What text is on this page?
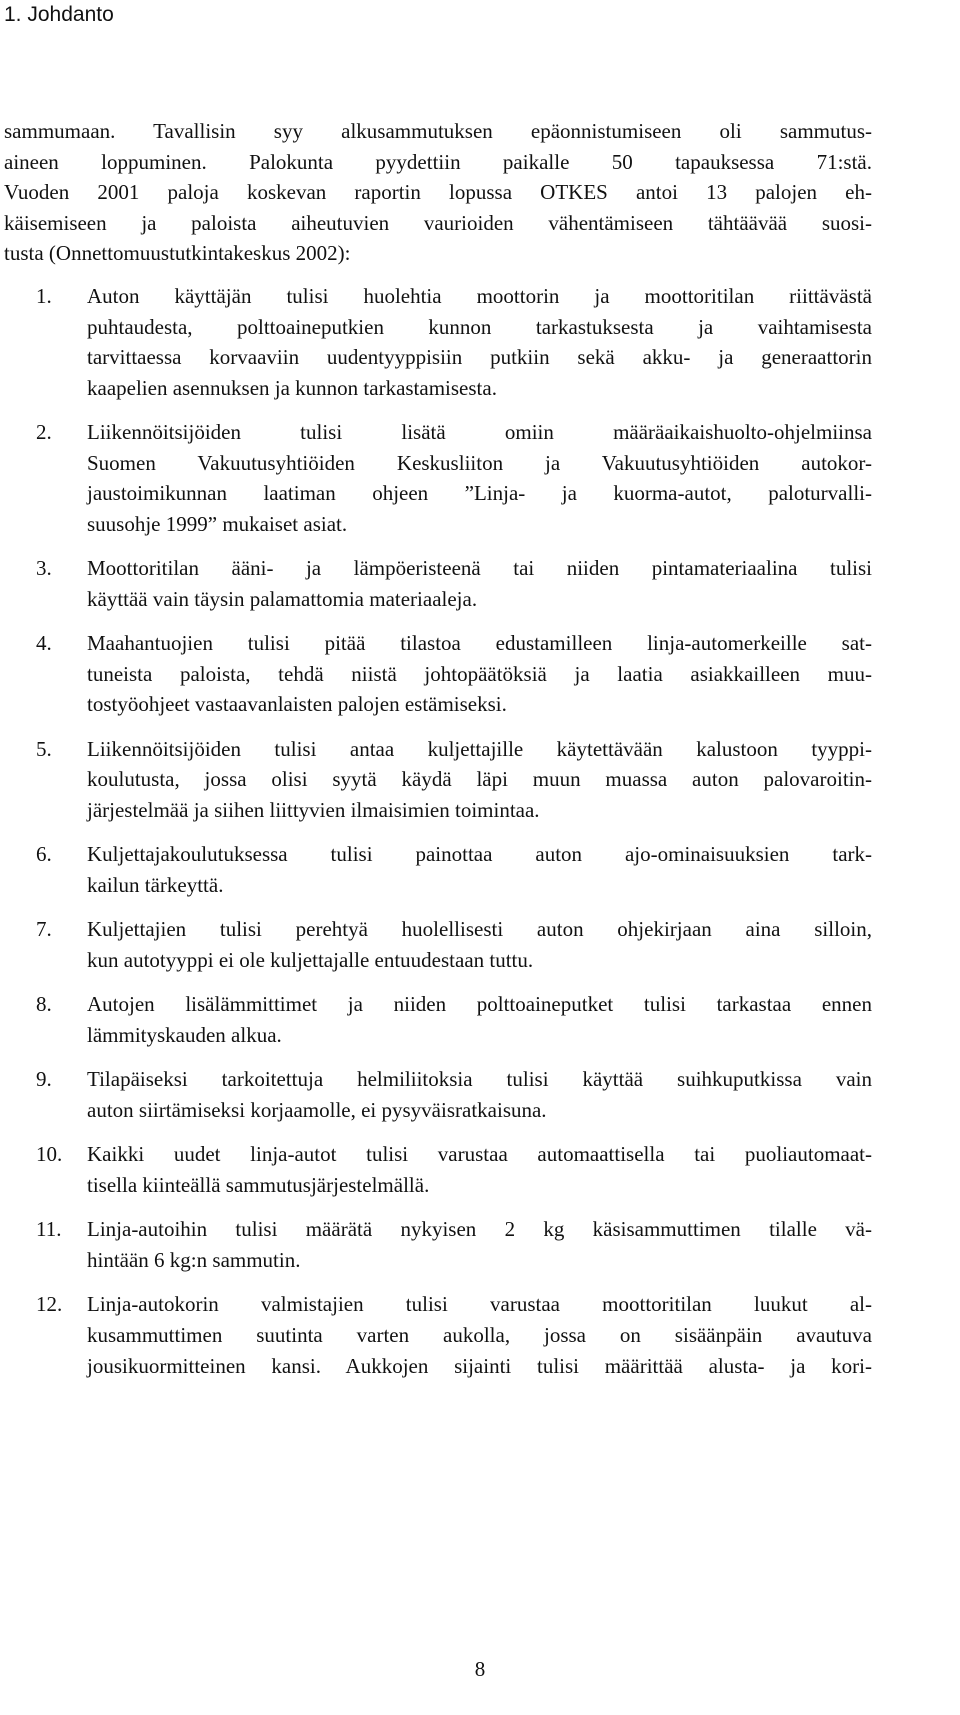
1. Johdanto

sammumaan. Tavallisin syy alkusammutuksen epäonnistumiseen oli sammutus-
aineen loppuminen. Palokunta pyydettiin paikalle 50 tapauksessa 71:stä.
Vuoden 2001 paloja koskevan raportin lopussa OTKES antoi 13 palojen eh-
käisemiseen ja paloista aiheutuvien vaurioiden vähentämiseen tähtäävää suosi-
tusta (Onnettomuustutkintakeskus 2002):

1.	Auton käyttäjän tulisi huolehtia moottorin ja moottoritilan riittävästä
puhtaudesta, polttoaineputkien kunnon tarkastuksesta ja vaihtamisesta
tarvittaessa korvaaviin uudentyyppisiin putkiin sekä akku- ja generaattorin
kaapelien asennuksen ja kunnon tarkastamisesta.
2.	Liikennöitsijöiden tulisi lisätä omiin määräaikaishuolto-ohjelmiinsa
Suomen Vakuutusyhtiöiden Keskusliiton ja Vakuutusyhtiöiden autokor-
jaustoimikunnan laatiman ohjeen ”Linja- ja kuorma-autot, paloturvalli-
suusohje 1999” mukaiset asiat.
3.	Moottoritilan ääni- ja lämpöeristeenä tai niiden pintamateriaalina tulisi
käyttää vain täysin palamattomia materiaaleja.
4.	Maahantuojien tulisi pitää tilastoa edustamilleen linja-automerkeille sat-
tuneista paloista, tehdä niistä johtopäätöksiä ja laatia asiakkailleen muu-
tostyöohjeet vastaavanlaisten palojen estämiseksi.
5.	Liikennöitsijöiden tulisi antaa kuljettajille käytettävään kalustoon tyyppi-
koulutusta, jossa olisi syytä käydä läpi muun muassa auton palovaroitin-
järjestelmää ja siihen liittyvien ilmaisimien toimintaa.
6.	Kuljettajakoulutuksessa tulisi painottaa auton ajo-ominaisuuksien tark-
kailun tärkeyttä.
7.	Kuljettajien tulisi perehtyä huolellisesti auton ohjekirjaan aina silloin,
kun autotyyppi ei ole kuljettajalle entuudestaan tuttu.
8.	Autojen lisälämmittimet ja niiden polttoaineputket tulisi tarkastaa ennen
lämmityskauden alkua.
9.	Tilapäiseksi tarkoitettuja helmiliitoksia tulisi käyttää suihkuputkissa vain
auton siirtämiseksi korjaamolle, ei pysyväisratkaisuna.
10.	Kaikki uudet linja-autot tulisi varustaa automaattisella tai puoliautomaat-
tisella kiinteällä sammutusjärjestelmällä.
11.	Linja-autoihin tulisi määrätä nykyisen 2 kg käsisammuttimen tilalle vä-
hintään 6 kg:n sammutin.
12.	Linja-autokorin valmistajien tulisi varustaa moottoritilan luukut al-
kusammuttimen suutinta varten aukolla, jossa on sisäänpäin avautuva
jousikuormitteinen kansi. Aukkojen sijainti tulisi määrittää alusta- ja kori-
8
